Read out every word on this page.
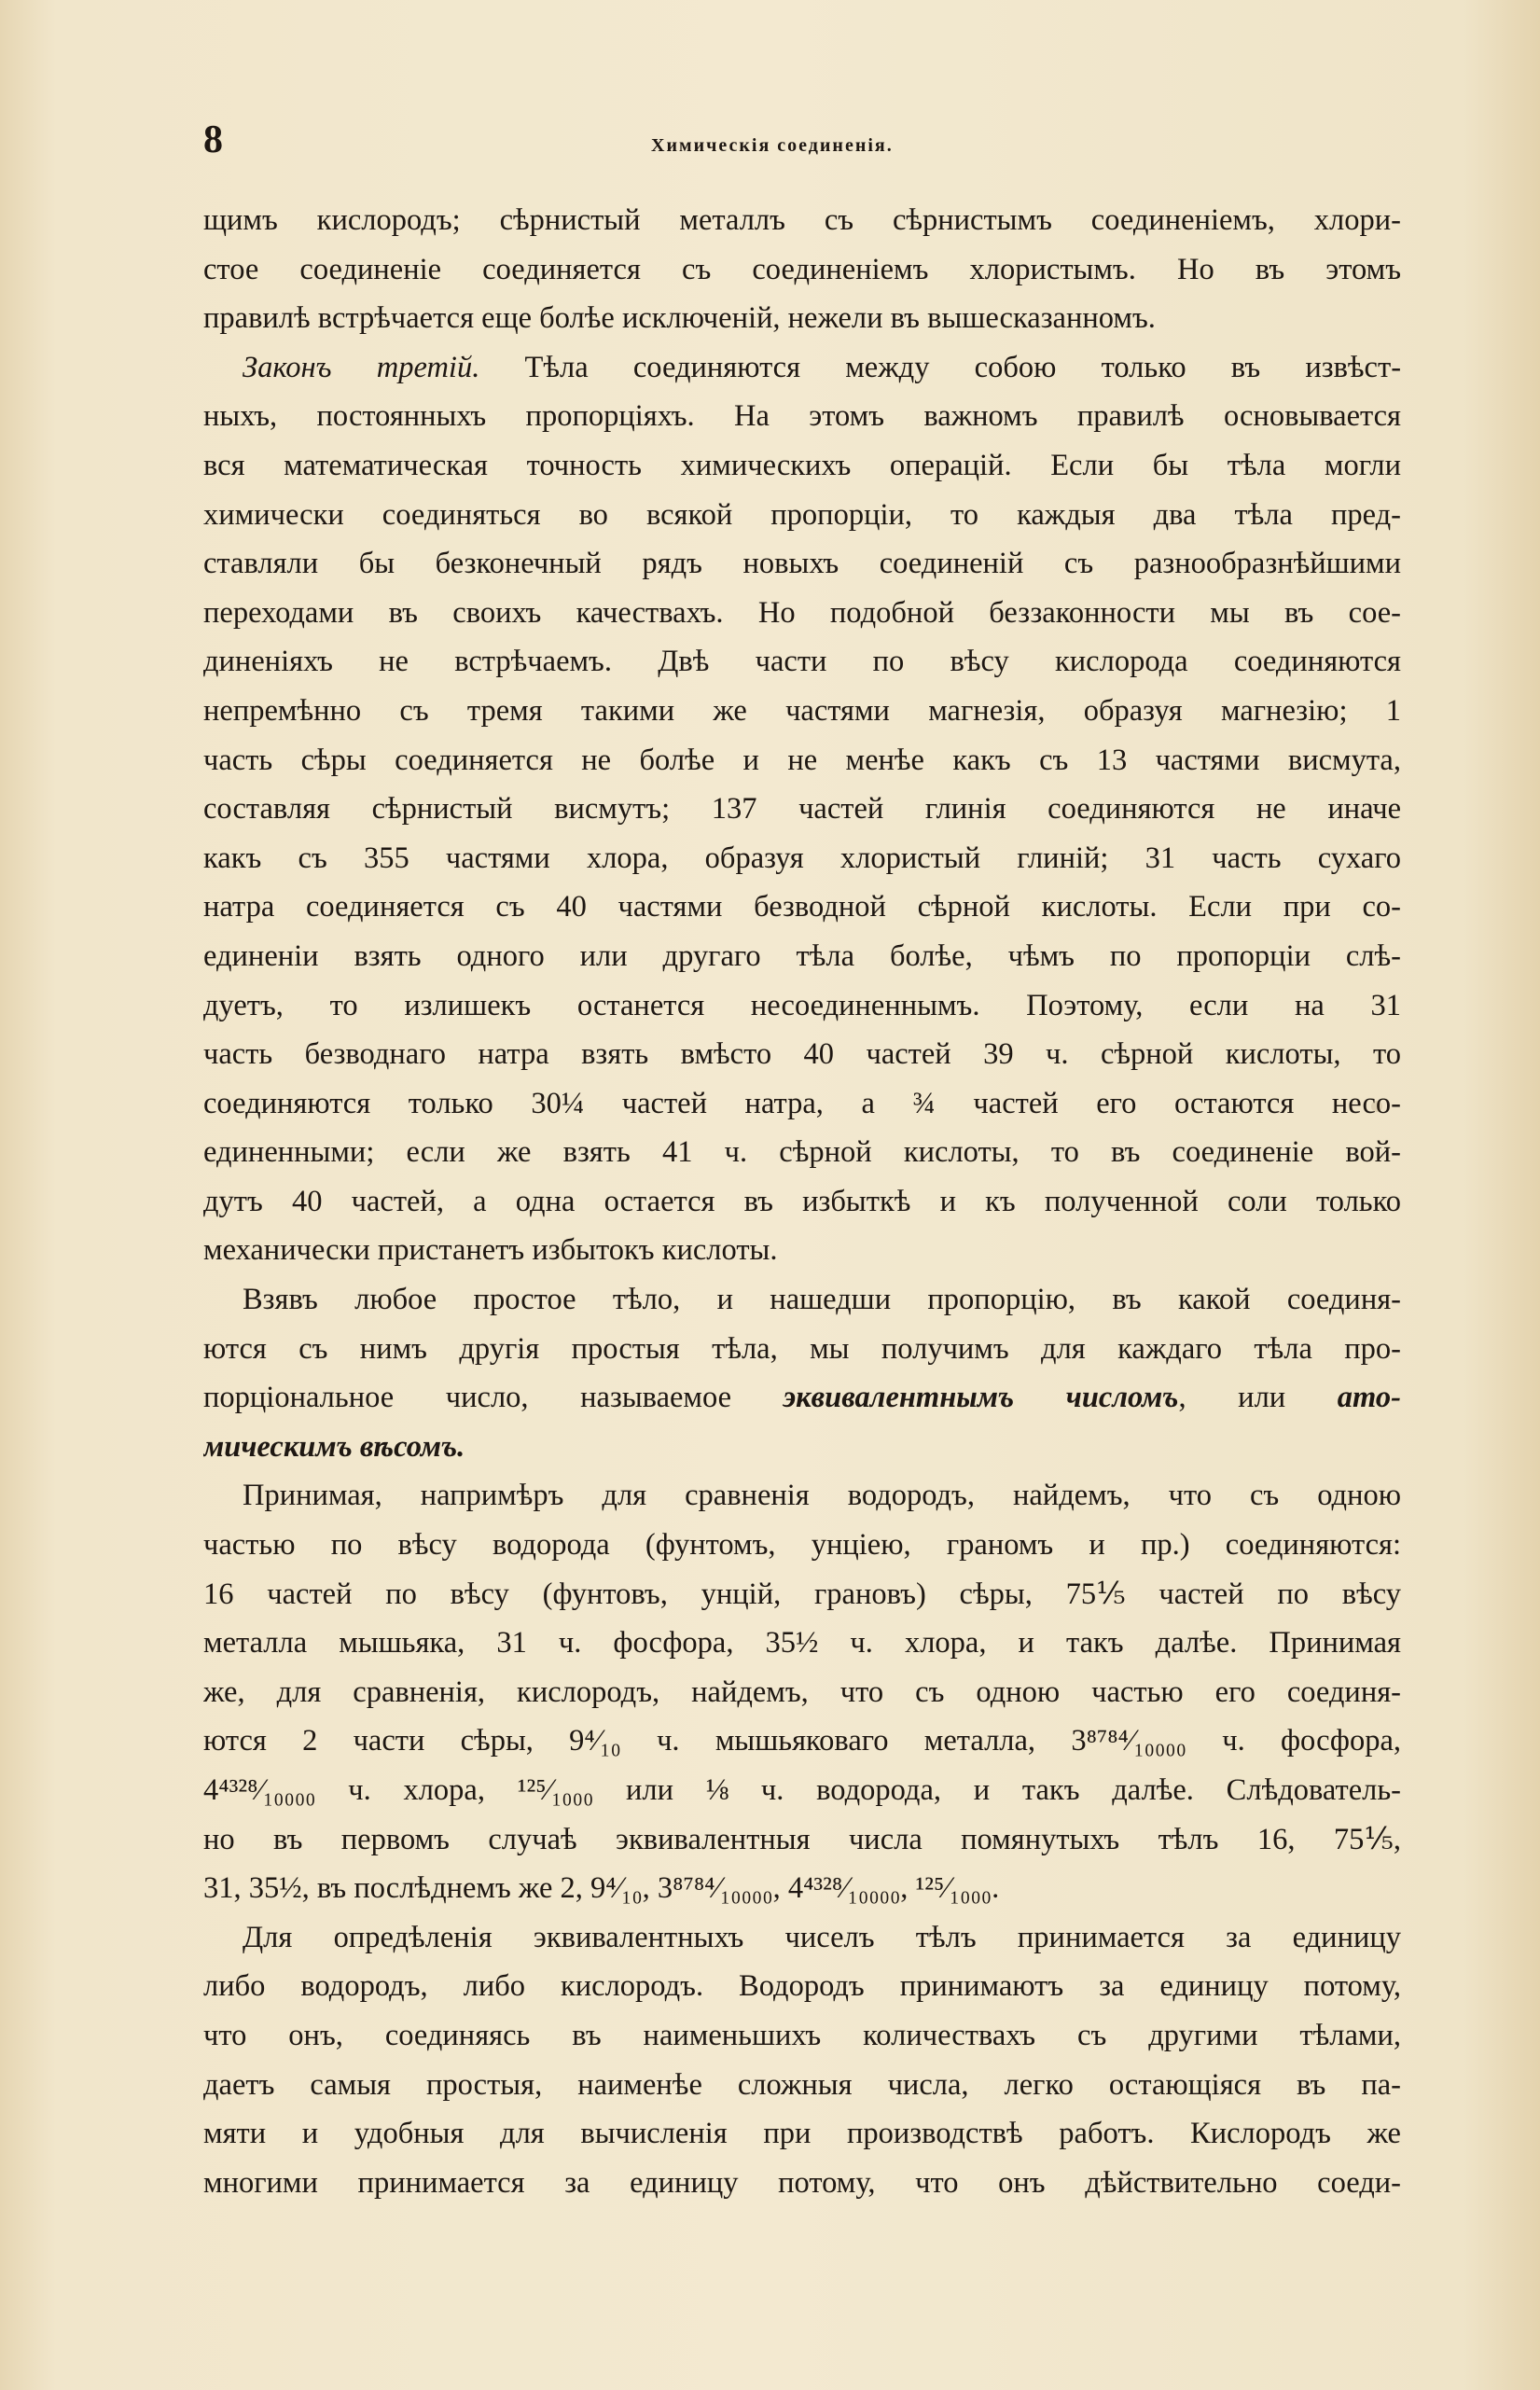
8	Химическія соединенія.
щимъ кислородъ; сѣрнистый металлъ съ сѣрнистымъ соединеніемъ, хлори-
стое соединеніе соединяется съ соединеніемъ хлористымъ. Но въ этомъ
правилѣ встрѣчается еще болѣе исключеній, нежели въ вышесказанномъ.
Законъ третій. Тѣла соединяются между собою только въ извѣст-
ныхъ, постоянныхъ пропорціяхъ. На этомъ важномъ правилѣ основывается
вся математическая точность химическихъ операцій. Если бы тѣла могли
химически соединяться во всякой пропорціи, то каждыя два тѣла пред-
ставляли бы безконечный рядъ новыхъ соединеній съ разнообразнѣйшими
переходами въ своихъ качествахъ. Но подобной беззаконности мы въ сое-
диненіяхъ не встрѣчаемъ. Двѣ части по вѣсу кислорода соединяются
непремѣнно съ тремя такими же частями магнезія, образуя магнезію; 1
часть сѣры соединяется не болѣе и не менѣе какъ съ 13 частями висмута,
составляя сѣрнистый висмутъ; 137 частей глинія соединяются не иначе
какъ съ 355 частями хлора, образуя хлористый глиній; 31 часть сухаго
натра соединяется съ 40 частями безводной сѣрной кислоты. Если при со-
единеніи взять одного или другаго тѣла болѣе, чѣмъ по пропорціи слѣ-
дуетъ, то излишекъ останется несоединеннымъ. Поэтому, если на 31
часть безводнаго натра взять вмѣсто 40 частей 39 ч. сѣрной кислоты, то
соединяются только 30¼ частей натра, а ¾ частей его остаются несо-
единенными; если же взять 41 ч. сѣрной кислоты, то въ соединеніе вой-
дутъ 40 частей, а одна остается въ избыткѣ и къ полученной соли только
механически пристанетъ избытокъ кислоты.
Взявъ любое простое тѣло, и нашедши пропорцію, въ какой соединя-
ются съ нимъ другія простыя тѣла, мы получимъ для каждаго тѣла про-
порціональное число, называемое эквивалентнымъ числомъ, или ато-
мическимъ вѣсомъ.
Принимая, напримѣръ для сравненія водородъ, найдемъ, что съ одною
частью по вѣсу водорода (фунтомъ, унціею, граномъ и пр.) соединяются:
16 частей по вѣсу (фунтовъ, унцій, грановъ) сѣры, 75⅕ частей по вѣсу
металла мышьяка, 31 ч. фосфора, 35½ ч. хлора, и такъ далѣе. Принимая
же, для сравненія, кислородъ, найдемъ, что съ одною частью его соединя-
ются 2 части сѣры, 9⁴⁄₁₀ ч. мышьяковаго металла, 3⁸⁷⁸⁴⁄₁₀₀₀₀ ч. фосфора,
4⁴³²⁸⁄₁₀₀₀₀ ч. хлора, ¹²⁵⁄₁₀₀₀ или ⅛ ч. водорода, и такъ далѣе. Слѣдователь-
но въ первомъ случаѣ эквивалентныя числа помянутыхъ тѣлъ 16, 75⅕,
31, 35½, въ послѣднемъ же 2, 9⁴⁄₁₀, 3⁸⁷⁸⁴⁄₁₀₀₀₀, 4⁴³²⁸⁄₁₀₀₀₀, ¹²⁵⁄₁₀₀₀.
Для опредѣленія эквивалентныхъ чиселъ тѣлъ принимается за единицу
либо водородъ, либо кислородъ. Водородъ принимаютъ за единицу потому,
что онъ, соединяясь въ наименьшихъ количествахъ съ другими тѣлами,
даетъ самыя простыя, наименѣе сложныя числа, легко остающіяся въ па-
мяти и удобныя для вычисленія при производствѣ работъ. Кислородъ же
многими принимается за единицу потому, что онъ дѣйствительно соеди-
